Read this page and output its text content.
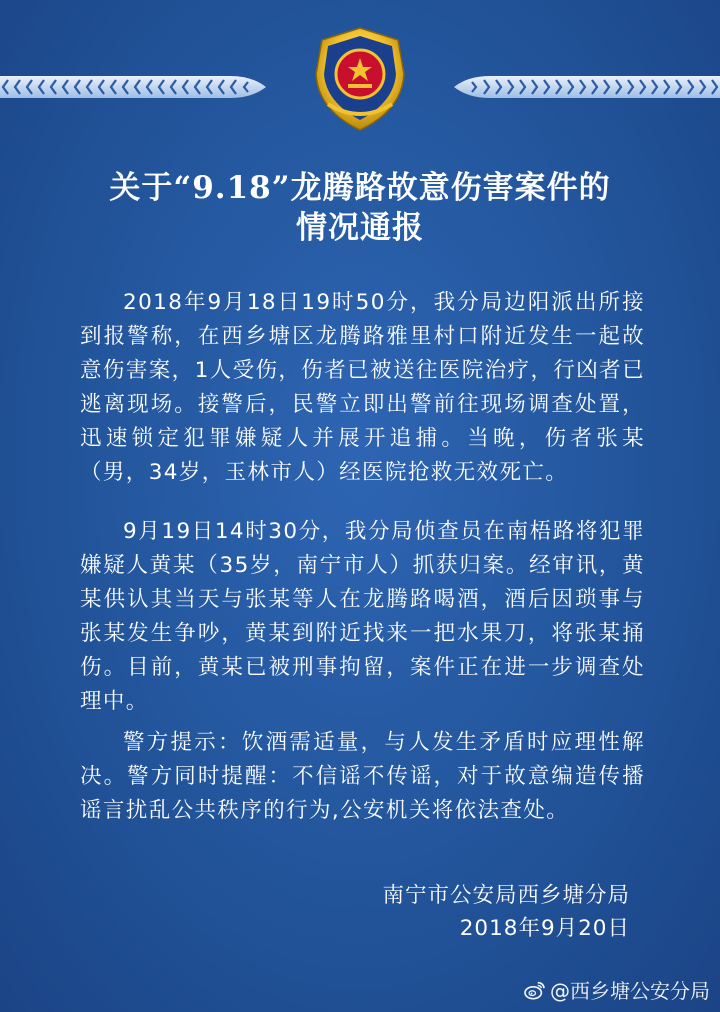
关于“9.18”龙腾路故意伤害案件的
情况通报
2018年9月18日19时50分，我分局边阳派出所接到报警称，在西乡塘区龙腾路雅里村口附近发生一起故意伤害案，1人受伤，伤者已被送往医院治疗，行凶者已逃离现场。接警后，民警立即出警前往现场调查处置，迅速锁定犯罪嫌疑人并展开追捕。当晚，伤者张某（男，34岁，玉林市人）经医院抢救无效死亡。
9月19日14时30分，我分局侦查员在南梧路将犯罪嫌疑人黄某（35岁，南宁市人）抓获归案。经审讯，黄某供认其当天与张某等人在龙腾路喝酒，酒后因琐事与张某发生争吵，黄某到附近找来一把水果刀，将张某捅伤。目前，黄某已被刑事拘留，案件正在进一步调查处理中。
警方提示：饮酒需适量，与人发生矛盾时应理性解决。警方同时提醒：不信谣不传谣，对于故意编造传播谣言扰乱公共秩序的行为,公安机关将依法查处。
南宁市公安局西乡塘分局
2018年9月20日
@西乡塘公安分局
